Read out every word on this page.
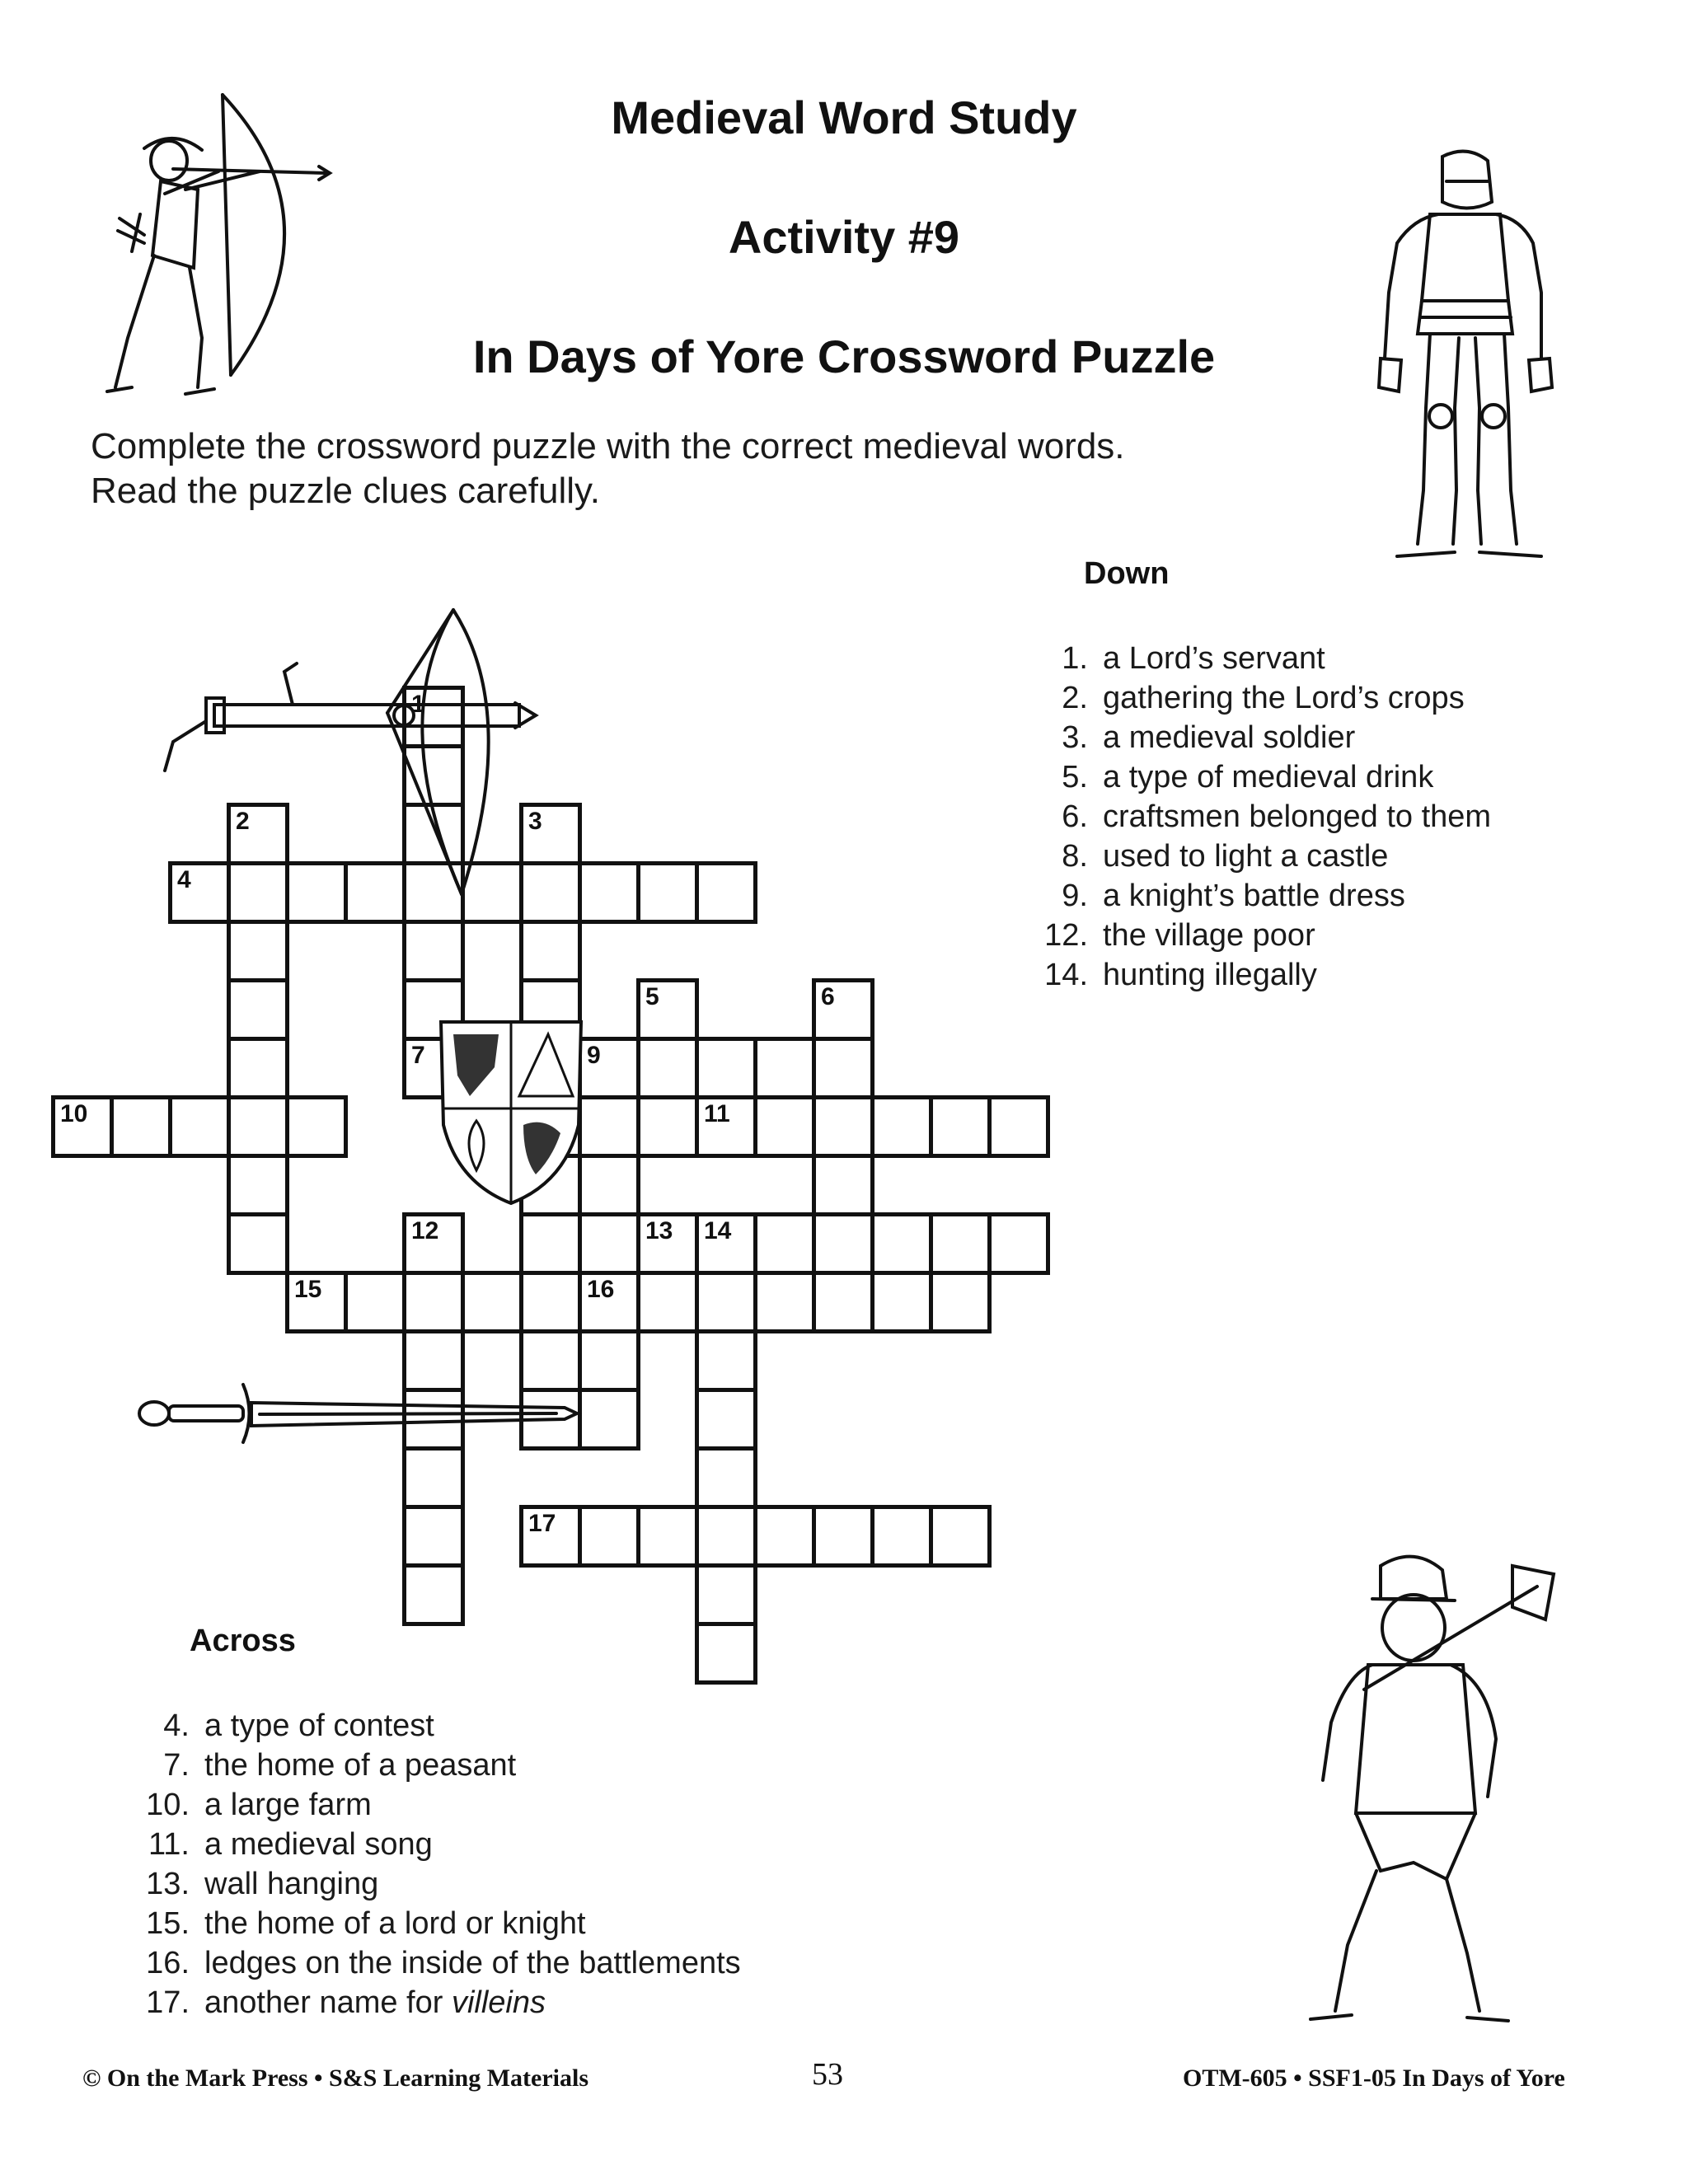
Medieval Word Study
Activity #9
In Days of Yore Crossword Puzzle
Complete the crossword puzzle with the correct medieval words.
Read the puzzle clues carefully.
Down
1. a Lord’s servant
2. gathering the Lord’s crops
3. a medieval soldier
5. a type of medieval drink
6. craftsmen belonged to them
8. used to light a castle
9. a knight’s battle dress
12. the village poor
14. hunting illegally
Across
4. a type of contest
7. the home of a peasant
10. a large farm
11. a medieval song
13. wall hanging
15. the home of a lord or knight
16. ledges on the inside of the battlements
17. another name for villeins
1
2	3
4
5	6
7	9
16
10	11
12	13 14
15
17
© On the Mark Press • S&S Learning Materials	53	OTM-605 • SSF1-05 In Days of Yore
